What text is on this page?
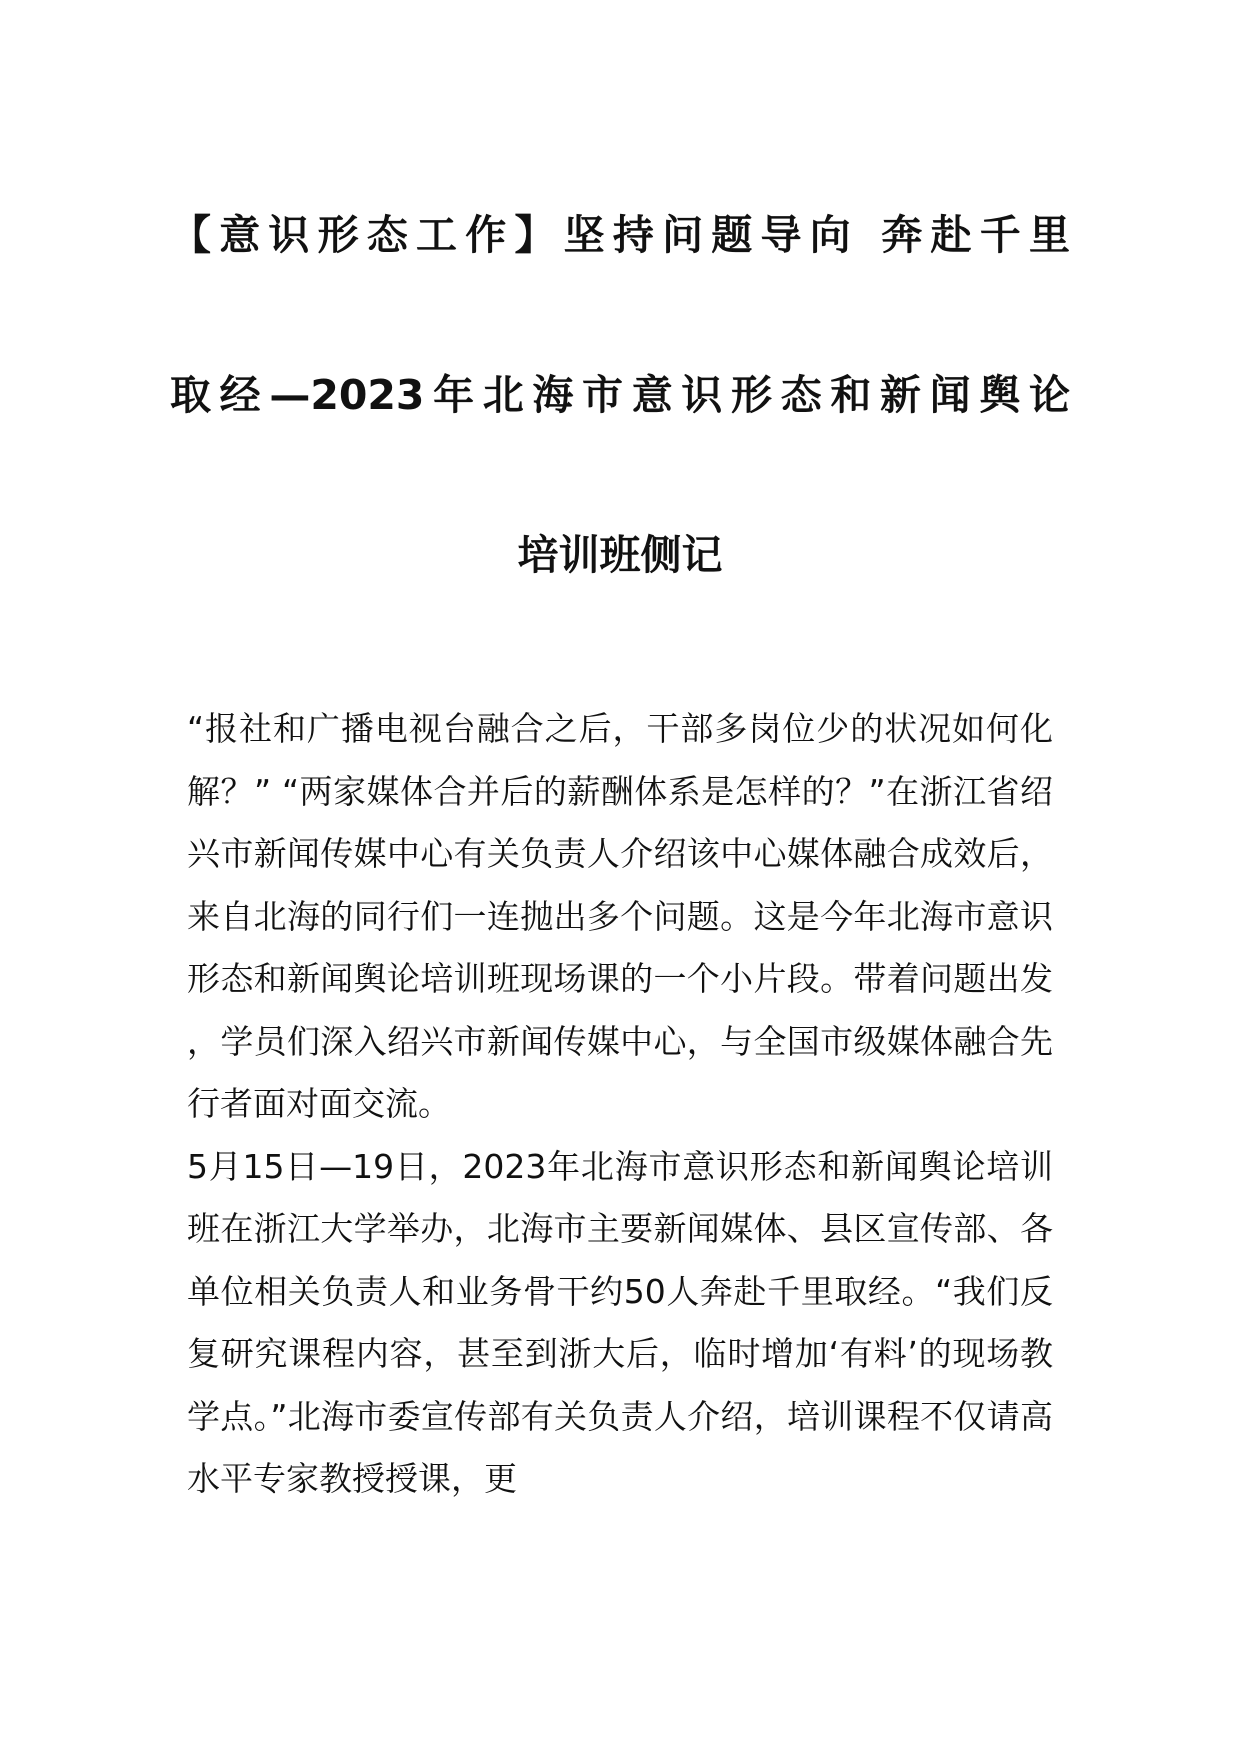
【意识形态工作】坚持问题导向 奔赴千里
取经—2023年北海市意识形态和新闻舆论
培训班侧记

“报社和广播电视台融合之后，干部多岗位少的状况如何化解？” “两家媒体合并后的薪酬体系是怎样的？”在浙江省绍兴市新闻传媒中心有关负责人介绍该中心媒体融合成效后，来自北海的同行们一连抛出多个问题。这是今年北海市意识形态和新闻舆论培训班现场课的一个小片段。带着问题出发，学员们深入绍兴市新闻传媒中心，与全国市级媒体融合先行者面对面交流。

5月15日—19日，2023年北海市意识形态和新闻舆论培训班在浙江大学举办，北海市主要新闻媒体、县区宣传部、各单位相关负责人和业务骨干约50人奔赴千里取经。“我们反复研究课程内容，甚至到浙大后，临时增加‘有料’的现场教学点。”北海市委宣传部有关负责人介绍，培训课程不仅请高水平专家教授授课，更
